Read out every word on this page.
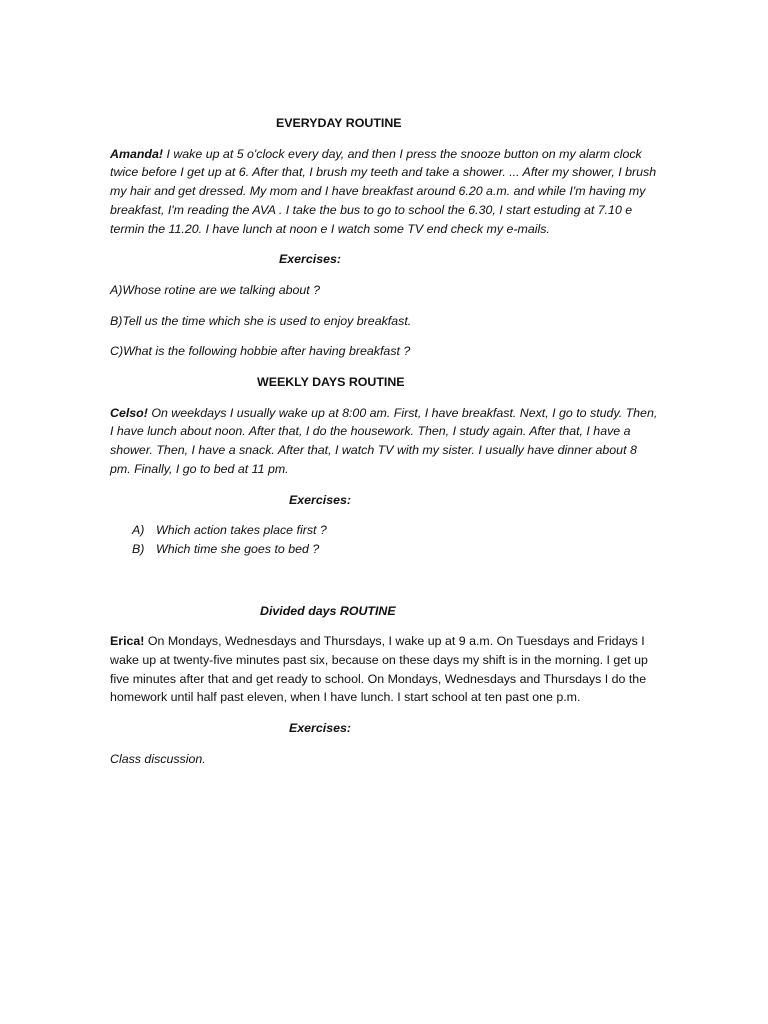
EVERYDAY ROUTINE

Amanda! I wake up at 5 o'clock every day, and then I press the snooze button on my alarm clock twice before I get up at 6. After that, I brush my teeth and take a shower. ... After my shower, I brush my hair and get dressed. My mom and I have breakfast around 6.20 a.m. and while I'm having my breakfast, I'm reading the AVA . I take the bus to go to school the 6.30, I start estuding at 7.10 e termin the 11.20. I have lunch at noon e I watch some TV end check my e-mails.

Exercises:

A)Whose rotine are we talking about ?

B)Tell us the time which she is used to enjoy breakfast.

C)What is the following hobbie after having breakfast ?

WEEKLY DAYS ROUTINE

Celso! On weekdays I usually wake up at 8:00 am. First, I have breakfast. Next, I go to study. Then, I have lunch about noon. After that, I do the housework. Then, I study again. After that, I have a shower. Then, I have a snack. After that, I watch TV with my sister. I usually have dinner about 8 pm. Finally, I go to bed at 11 pm.

Exercises:
A) Which action takes place first ?
B) Which time she goes to bed ?
Divided days ROUTINE

Erica! On Mondays, Wednesdays and Thursdays, I wake up at 9 a.m. On Tuesdays and Fridays I wake up at twenty-five minutes past six, because on these days my shift is in the morning. I get up five minutes after that and get ready to school. On Mondays, Wednesdays and Thursdays I do the homework until half past eleven, when I have lunch. I start school at ten past one p.m.

Exercises:

Class discussion.
